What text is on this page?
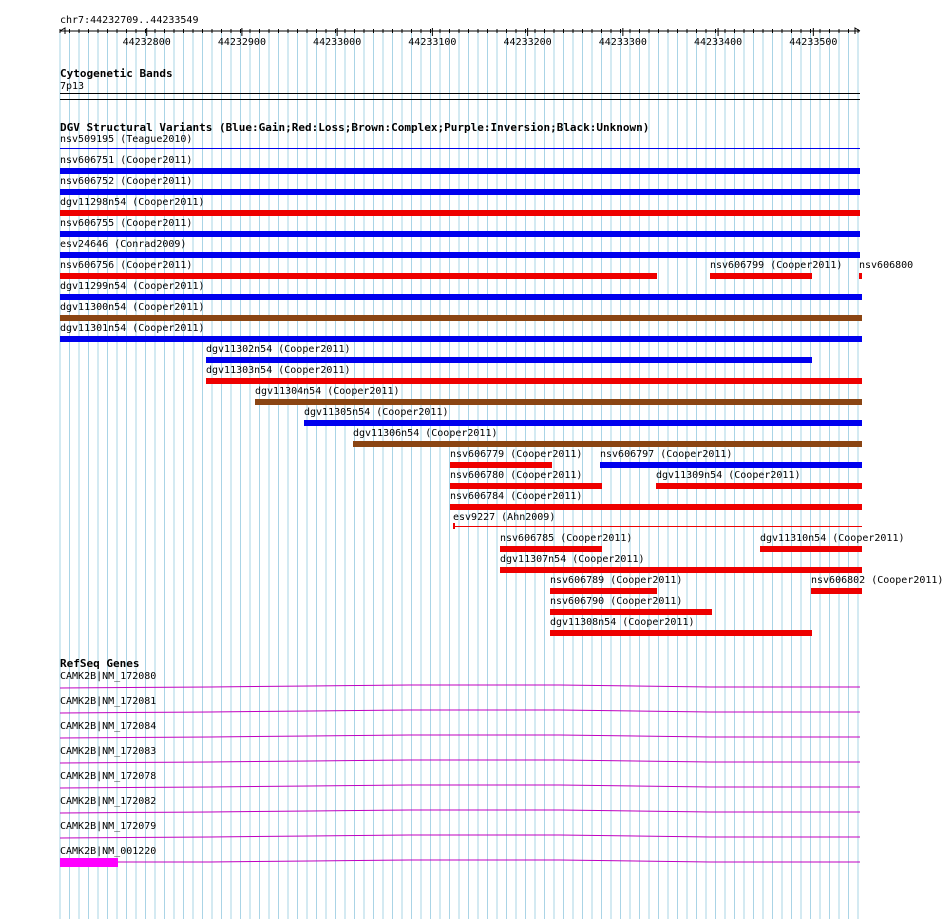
chr7:44232709..44233549
44232800	44232900	44233000	44233100	44233200	44233300	44233400	44233500
Cytogenetic Bands
7p13
DGV Structural Variants (Blue:Gain;Red:Loss;Brown:Complex;Purple:Inversion;Black:Unknown)
nsv509195 (Teague2010)
nsv606751 (Cooper2011)
nsv606752 (Cooper2011)
dgv11298n54 (Cooper2011)
nsv606755 (Cooper2011)
esv24646 (Conrad2009)
nsv606756 (Cooper2011)	nsv606799 (Cooper2011) nsv606800
dgv11299n54 (Cooper2011)
dgv11300n54 (Cooper2011)
dgv11301n54 (Cooper2011)
dgv11302n54 (Cooper2011)
dgv11303n54 (Cooper2011)
dgv11304n54 (Cooper2011)
dgv11305n54 (Cooper2011)
dgv11306n54 (Cooper2011)
nsv606779 (Cooper2011) nsv606797 (Cooper2011)
nsv606780 (Cooper2011)	dgv11309n54 (Cooper2011)
nsv606784 (Cooper2011)
esv9227 (Ahn2009)
nsv606785 (Cooper2011)	dgv11310n54 (Cooper2011)
dgv11307n54 (Cooper2011)
nsv606789 (Cooper2011)	nsv606802 (Cooper2011)
nsv606790 (Cooper2011)
dgv11308n54 (Cooper2011)
RefSeq Genes
CAMK2B|NM_172080
CAMK2B|NM_172081
CAMK2B|NM_172084
CAMK2B|NM_172083
CAMK2B|NM_172078
CAMK2B|NM_172082
CAMK2B|NM_172079
CAMK2B|NM_001220
